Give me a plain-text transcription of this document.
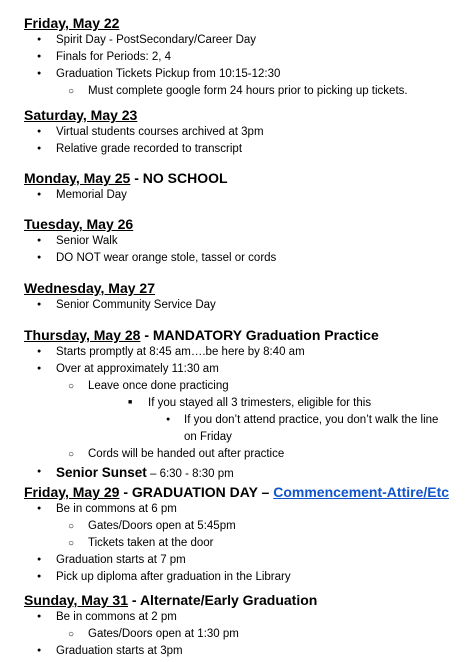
Friday, May 22
●
Spirit Day - PostSecondary/Career Day
●
Finals for Periods: 2, 4
●
Graduation Tickets Pickup from 10:15-12:30
○
Must complete google form 24 hours prior to picking up tickets.
Saturday, May 23
●
Virtual students courses archived at 3pm
●
Relative grade recorded to transcript
Monday, May 25 - NO SCHOOL
●
Memorial Day
Tuesday, May 26
●
Senior Walk
●
DO NOT wear orange stole, tassel or cords
Wednesday, May 27
●
Senior Community Service Day
Thursday, May 28 - MANDATORY Graduation Practice
●
Starts promptly at 8:45 am….be here by 8:40 am
●
Over at approximately 11:30 am
○
Leave once done practicing
■
If you stayed all 3 trimesters, eligible for this
●
If you don’t attend practice, you don’t walk the line on Friday
○
Cords will be handed out after practice
●
Senior Sunset – 6:30 - 8:30 pm
Friday, May 29 - GRADUATION DAY – Commencement-Attire/Etc
●
Be in commons at 6 pm
○
Gates/Doors open at 5:45pm
○
Tickets taken at the door
●
Graduation starts at 7 pm
●
Pick up diploma after graduation in the Library
Sunday, May 31 - Alternate/Early Graduation
●
Be in commons at 2 pm
○
Gates/Doors open at 1:30 pm
●
Graduation starts at 3pm
